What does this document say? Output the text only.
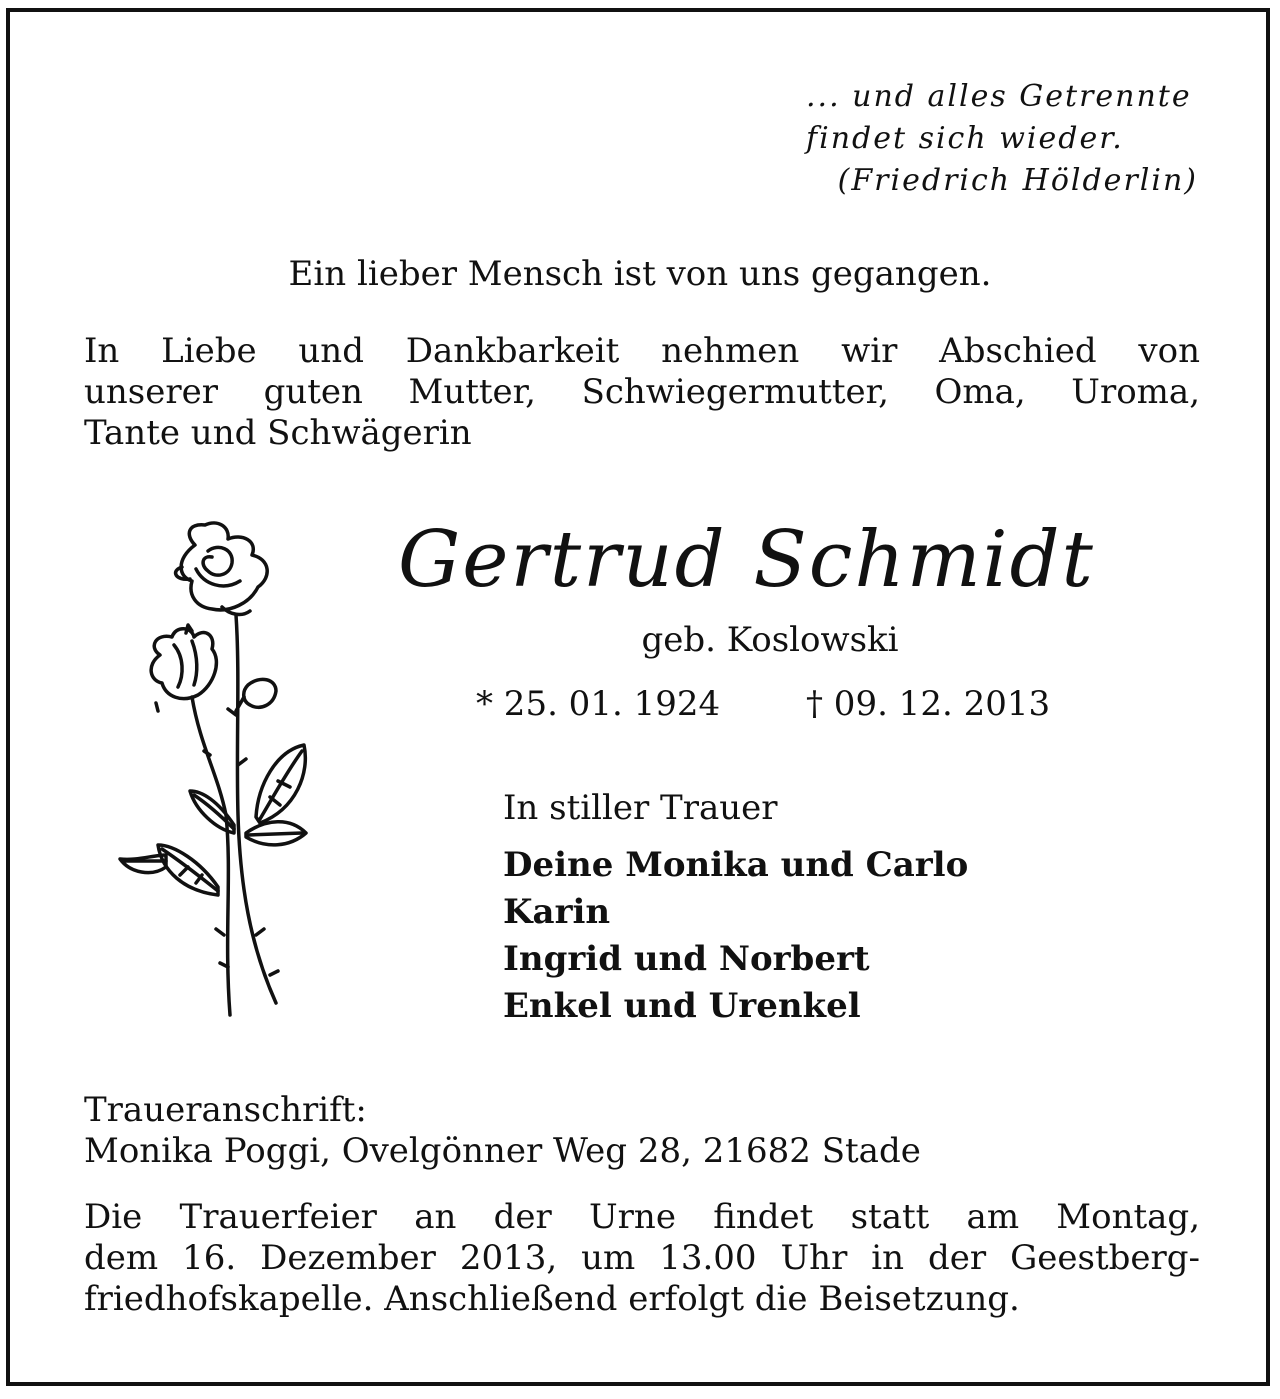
... und alles Getrennte
findet sich wieder.
(Friedrich Hölderlin)
Ein lieber Mensch ist von uns gegangen.
In Liebe und Dankbarkeit nehmen wir Abschied von
unserer guten Mutter, Schwiegermutter, Oma, Uroma,
Tante und Schwägerin
Gertrud Schmidt
geb. Koslowski
* 25. 01. 1924	† 09. 12. 2013
In stiller Trauer
Deine Monika und Carlo
Karin
Ingrid und Norbert
Enkel und Urenkel
Traueranschrift:
Monika Poggi, Ovelgönner Weg 28, 21682 Stade
Die Trauerfeier an der Urne findet statt am Montag,
dem 16. Dezember 2013, um 13.00 Uhr in der Geestberg-
friedhofskapelle. Anschließend erfolgt die Beisetzung.
